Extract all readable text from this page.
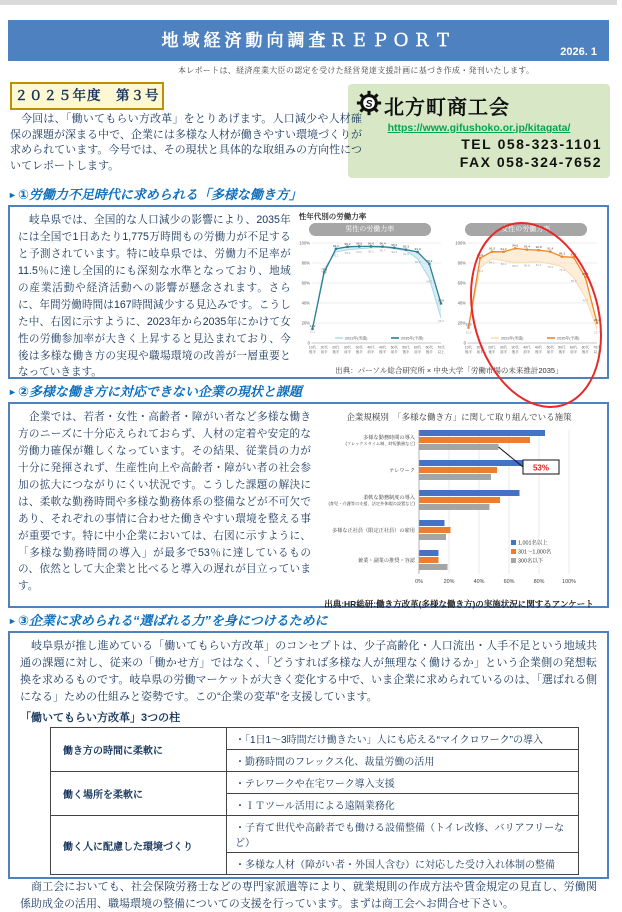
地域経済動向調査ＲＥＰＯＲＴ
2026. 1
本レポートは、経済産業大臣の認定を受けた経営発達支援計画に基づき作成・発刊いたします。
２０２５年度　第３号
S 北方町商工会
https://www.gifushoko.or.jp/kitagata/
TEL 058-323-1101
FAX 058-324-7652
今回は、「働いてもらい方改革」をとりあげます。人口減少や人材確保の課題が深まる中で、企業には多様な人材が働きやすい環境づくりが求められています。今号では、その現状と具体的な取組みの方向性についてレポートします。
►①労働力不足時代に求められる「多様な働き方」
岐阜県では、全国的な人口減少の影響により、2035年には全国で1日あたり1,775万時間もの労働力が不足すると予測されています。特に岐阜県では、労働力不足率が11.5％に達し全国的にも深刻な水準となっており、地域の産業活動や経済活動への影響が懸念されます。さらに、年間労働時間は167時間減少する見込みです。こうした中、右図に示すように、2023年から2035年にかけて女性の労働参加率が大きく上昇すると見込まれており、今後は多様な働き方の実現や職場環境の改善が一層重要となっていきます。
性年代別の労働力率
男性の労働力率
100%
80%
60%
40%
20%
0
14.2
70.6
94.2 96.2 96.6 96.6 96.4 95.2 93.3
91.0
79.2
39.6
15.1
74.2
91.1
93.2 94.2 95.1 95.7 94.3 92.3
84.3
64.7
25.2
2023年(実績)	2035年(予測)
10代
後半
20代
前半
20代
後半
30代
前半
30代
後半
40代
前半
40代
後半
50代
前半
50代
後半
60代
前半
60代
後半
70代
以上
女性の労働力率
100%
80%
60%
40%
20%
0
15.5
85.0
91.3 91.2
94.6 93.4 92.8 91.4
86.3 85.7
65.8
20.2
13.9
75.4
84.1 82.2 80.2 80.8 81.2 79.2
76.4
65.3
45.7
13.7
2023年(実績)	2035年(予測)
10代
後半
20代
前半
20代
後半
30代
前半
30代
後半
40代
前半
40代
後半
50代
前半
50代
後半
60代
前半
60代
後半
70代
以上
出典：パーソル総合研究所 × 中央大学「労働市場の未来推計2035」
►②多様な働き方に対応できない企業の現状と課題
企業では、若者・女性・高齢者・障がい者など多様な働き方のニーズに十分応えられておらず、人材の定着や安定的な労働力確保が難しくなっています。その結果、従業員の力が十分に発揮されず、生産性向上や高齢者・障がい者の社会参加の拡大につながりにくい状況です。こうした課題の解決には、柔軟な勤務時間や多様な勤務体系の整備などが不可欠であり、それぞれの事情に合わせた働きやすい環境を整える事が重要です。特に中小企業においては、右図に示すように、「多様な勤務時間の導入」が最多で53％に達しているものの、依然として大企業と比べると導入の遅れが目立っています。
企業規模別　「多様な働き方」に関して取り組んでいる施策
0%	20%	40%	60%	80%	100%
多様な勤務時間の導入
(フレックスタイム制、時短勤務など)
テレワーク
柔軟な勤務制度の導入
(育児・介護等の支援、法定外休暇の設置など)
多様な正社員（限定正社員）の雇用
兼業・副業の推奨・容認
1,001名以上
301～1,000名
300名以下
53%
出典:HR総研:働き方改革(多様な働き方)の実施状況に関するアンケート
►③企業に求められる“選ばれる力”を身につけるために
岐阜県が推し進めている「働いてもらい方改革」のコンセプトは、少子高齢化・人口流出・人手不足という地域共通の課題に対し、従来の「働かせ方」ではなく、「どうすれば多様な人が無理なく働けるか」という企業側の発想転換を求めるものです。岐阜県の労働マーケットが大きく変化する中で、いま企業に求められているのは、「選ばれる側になる」ための仕組みと姿勢です。この“企業の変革”を支援しています。
「働いてもらい方改革」3つの柱
働き方の時間に柔軟に	・「1日1～3時間だけ働きたい」人にも応える“マイクロワーク”の導入
	・勤務時間のフレックス化、裁量労働の活用
働く場所を柔軟に	・テレワークや在宅ワーク導入支援
	・ＩＴツール活用による遠隔業務化
働く人に配慮した環境づくり	・子育て世代や高齢者でも働ける設備整備（トイレ改修、バリアフリーなど）
	・多様な人材（障がい者・外国人含む）に対応した受け入れ体制の整備
商工会においても、社会保険労務士などの専門家派遣等により、就業規則の作成方法や賃金規定の見直し、労働関係助成金の活用、職場環境の整備についての支援を行っています。まずは商工会へお問合せ下さい。
